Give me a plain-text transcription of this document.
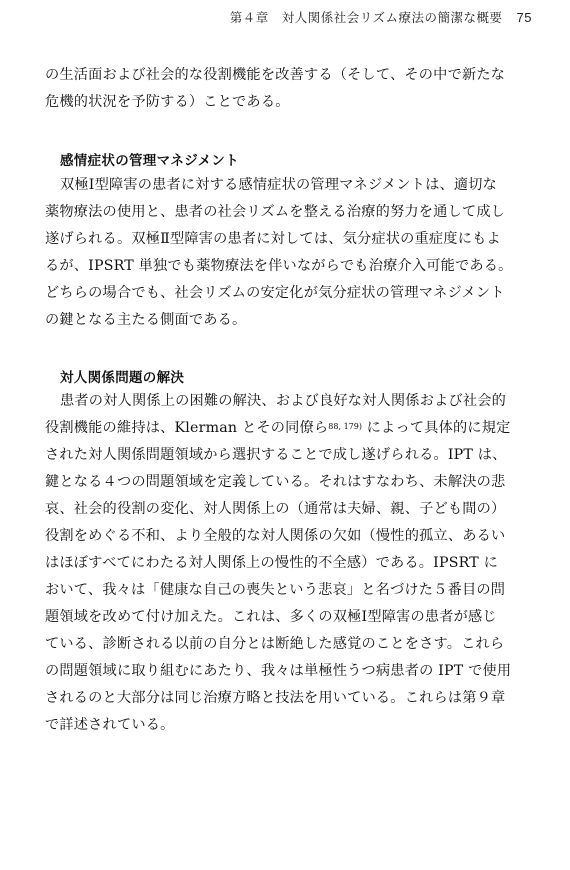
第４章　対人関係社会リズム療法の簡潔な概要 75
の生活面および社会的な役割機能を改善する（そして、その中で新たな
危機的状況を予防する）ことである。
感情症状の管理マネジメント
双極Ⅰ型障害の患者に対する感情症状の管理マネジメントは、適切な
薬物療法の使用と、患者の社会リズムを整える治療的努力を通して成し
遂げられる。双極Ⅱ型障害の患者に対しては、気分症状の重症度にもよ
るが、IPSRT 単独でも薬物療法を伴いながらでも治療介入可能である。
どちらの場合でも、社会リズムの安定化が気分症状の管理マネジメント
の鍵となる主たる側面である。
対人関係問題の解決
患者の対人関係上の困難の解決、および良好な対人関係および社会的
役割機能の維持は、Klerman とその同僚ら$^{88, 179)}$ によって具体的に規定
された対人関係問題領域から選択することで成し遂げられる。IPT は、
鍵となる４つの問題領域を定義している。それはすなわち、未解決の悲
哀、社会的役割の変化、対人関係上の（通常は夫婦、親、子ども間の）
役割をめぐる不和、より全般的な対人関係の欠如（慢性的孤立、あるい
はほぼすべてにわたる対人関係上の慢性的不全感）である。IPSRT に
おいて、我々は「健康な自己の喪失という悲哀」と名づけた５番目の問
題領域を改めて付け加えた。これは、多くの双極Ⅰ型障害の患者が感じ
ている、診断される以前の自分とは断絶した感覚のことをさす。これら
の問題領域に取り組むにあたり、我々は単極性うつ病患者の IPT で使用
されるのと大部分は同じ治療方略と技法を用いている。これらは第９章
で詳述されている。
